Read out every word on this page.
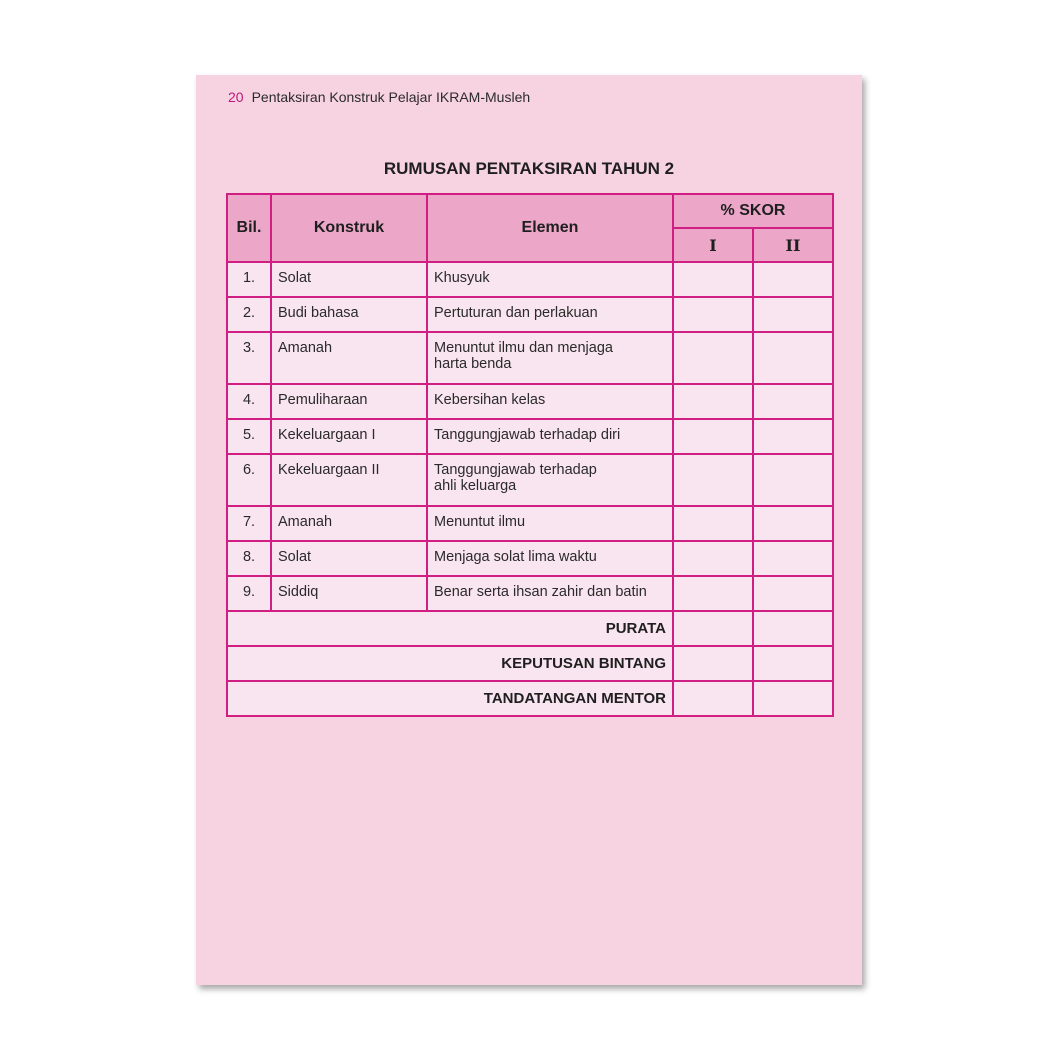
20 Pentaksiran Konstruk Pelajar IKRAM-Musleh
RUMUSAN PENTAKSIRAN TAHUN 2
Bil.	Konstruk	Elemen	% SKOR	
			I	II
1.	Solat	Khusyuk		
2.	Budi bahasa	Pertuturan dan perlakuan		
3.	Amanah	Menuntut ilmu dan menjaga
harta benda		
4.	Pemuliharaan	Kebersihan kelas		
5.	Kekeluargaan I	Tanggungjawab terhadap diri		
6.	Kekeluargaan II	Tanggungjawab terhadap
ahli keluarga		
7.	Amanah	Menuntut ilmu		
8.	Solat	Menjaga solat lima waktu		
9.	Siddiq	Benar serta ihsan zahir dan batin		
PURATA				
KEPUTUSAN BINTANG				
TANDATANGAN MENTOR				
